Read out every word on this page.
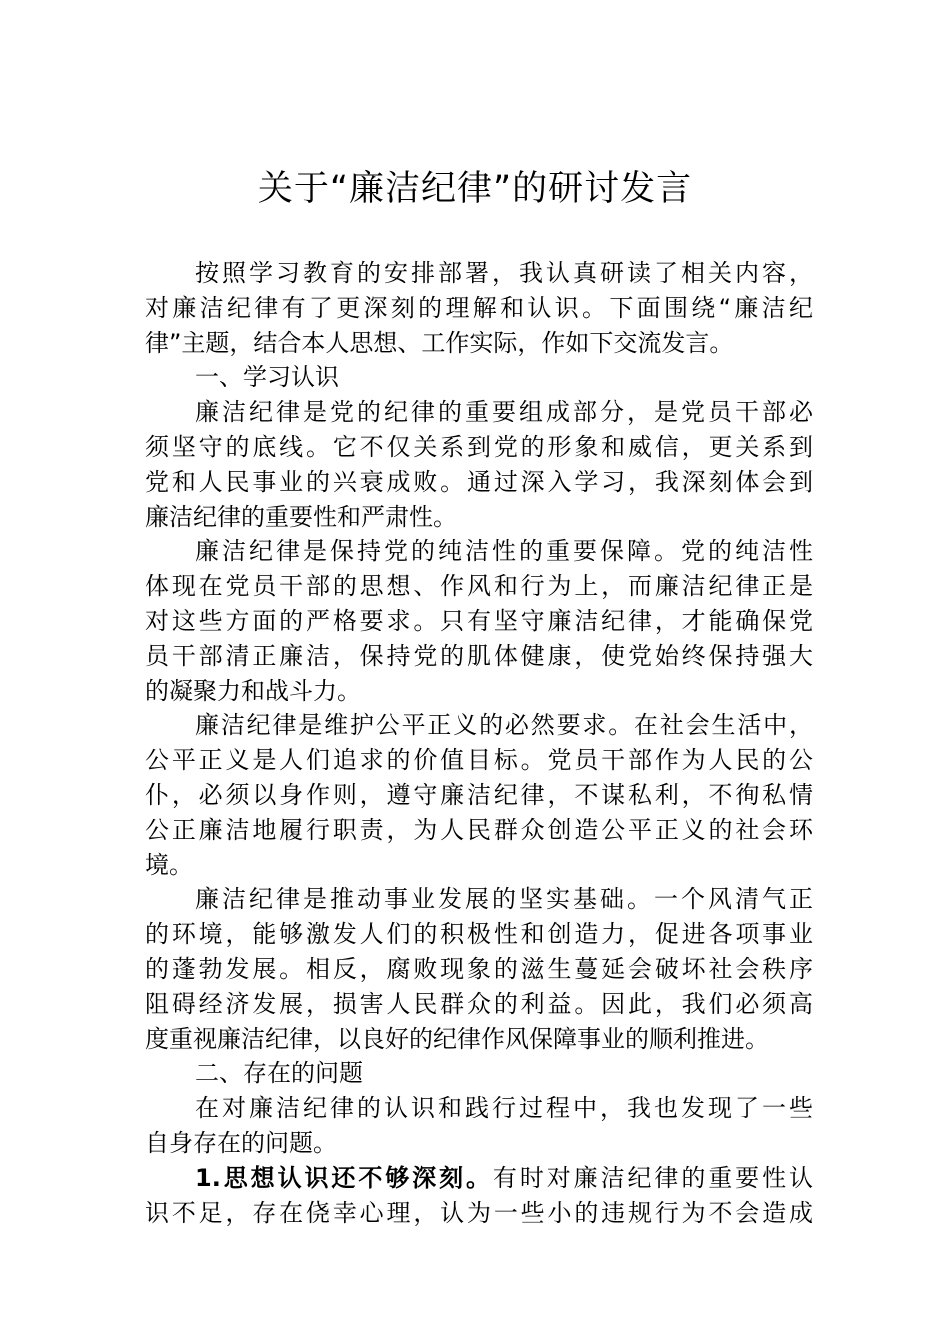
关于“廉洁纪律”的研讨发言
按照学习教育的安排部署，我认真研读了相关内容，
对廉洁纪律有了更深刻的理解和认识。下面围绕“廉洁纪
律”主题，结合本人思想、工作实际，作如下交流发言。
一、学习认识
廉洁纪律是党的纪律的重要组成部分，是党员干部必
须坚守的底线。它不仅关系到党的形象和威信，更关系到
党和人民事业的兴衰成败。通过深入学习，我深刻体会到
廉洁纪律的重要性和严肃性。
廉洁纪律是保持党的纯洁性的重要保障。党的纯洁性
体现在党员干部的思想、作风和行为上，而廉洁纪律正是
对这些方面的严格要求。只有坚守廉洁纪律，才能确保党
员干部清正廉洁，保持党的肌体健康，使党始终保持强大
的凝聚力和战斗力。
廉洁纪律是维护公平正义的必然要求。在社会生活中，
公平正义是人们追求的价值目标。党员干部作为人民的公
仆，必须以身作则，遵守廉洁纪律，不谋私利，不徇私情
公正廉洁地履行职责，为人民群众创造公平正义的社会环
境。
廉洁纪律是推动事业发展的坚实基础。一个风清气正
的环境，能够激发人们的积极性和创造力，促进各项事业
的蓬勃发展。相反，腐败现象的滋生蔓延会破坏社会秩序
阻碍经济发展，损害人民群众的利益。因此，我们必须高
度重视廉洁纪律，以良好的纪律作风保障事业的顺利推进。
二、存在的问题
在对廉洁纪律的认识和践行过程中，我也发现了一些
自身存在的问题。
1.思想认识还不够深刻。有时对廉洁纪律的重要性认
识不足，存在侥幸心理，认为一些小的违规行为不会造成
